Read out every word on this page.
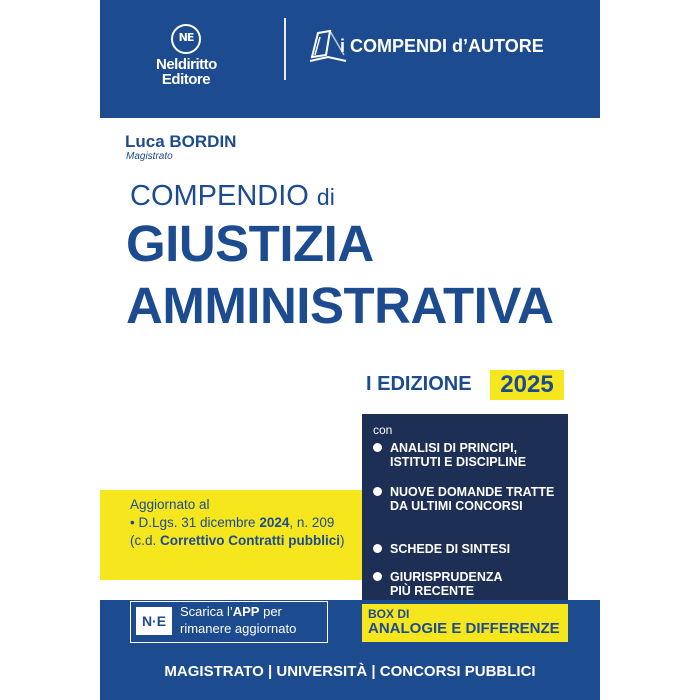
NE
Neldiritto
Editore
i COMPENDI d’AUTORE
Luca BORDIN
Magistrato
COMPENDIO di
GIUSTIZIA
AMMINISTRATIVA
I EDIZIONE	2025
Aggiornato al
• D.Lgs. 31 dicembre 2024, n. 209 (c.d. Correttivo Contratti pubblici)
con
ANALISI DI PRINCIPI, ISTITUTI E DISCIPLINE
NUOVE DOMANDE TRATTE DA ULTIMI CONCORSI
SCHEDE DI SINTESI
GIURISPRUDENZA PIÙ RECENTE
N·E
Scarica l’APP per
rimanere aggiornato
BOX DI
ANALOGIE E DIFFERENZE
MAGISTRATO | UNIVERSITÀ | CONCORSI PUBBLICI
